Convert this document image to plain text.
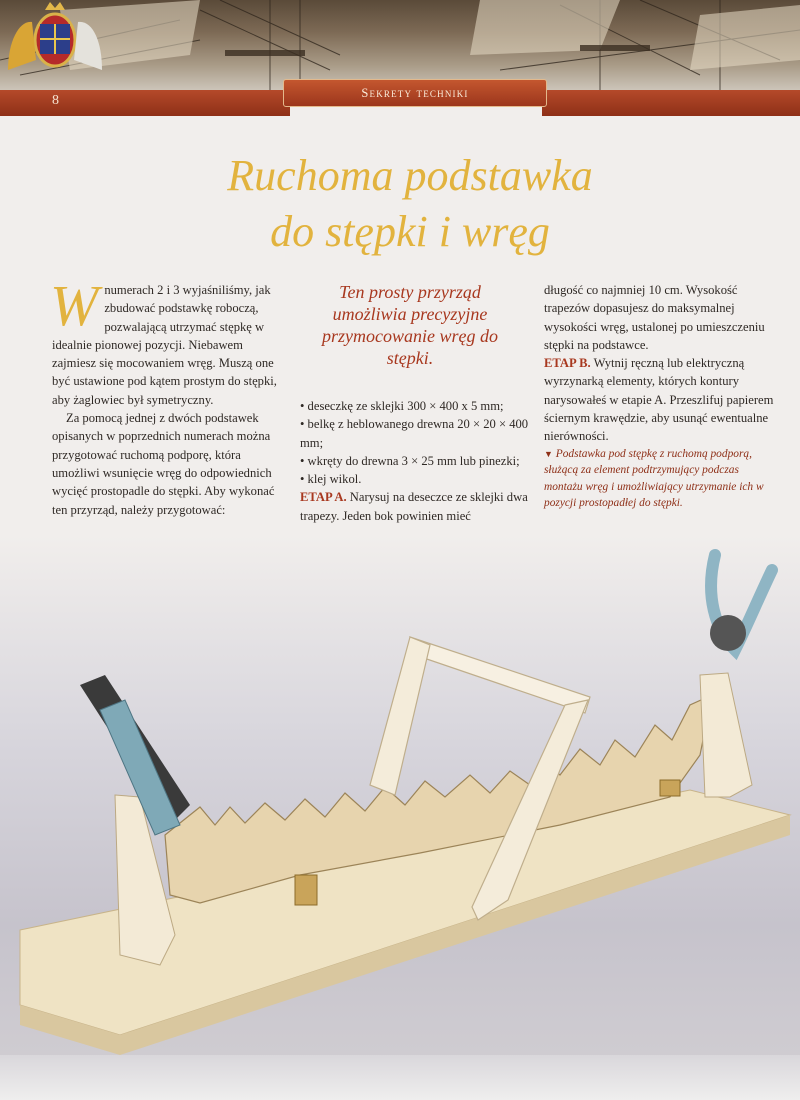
8	Sekrety techniki
Ruchoma podstawka
do stępki i wręg

Wnumerach 2 i 3 wyjaśniliśmy, jak zbudować podstawkę roboczą, pozwalającą utrzymać stępkę w idealnie pionowej pozycji. Niebawem zajmiesz się mocowaniem wręg. Muszą one być ustawione pod kątem prostym do stępki, aby żaglowiec był symetryczny.

Za pomocą jednej z dwóch podstawek opisanych w poprzednich numerach można przygotować ruchomą podporę, która umożliwi wsunięcie wręg do odpowiednich wycięć prostopadle do stępki. Aby wykonać ten przyrząd, należy przygotować:

Ten prosty przyrząd umożliwia precyzyjne przymocowanie wręg do stępki.

• deseczkę ze sklejki 300 × 400 x 5 mm;

• belkę z heblowanego drewna 20 × 20 × 400 mm;

• wkręty do drewna 3 × 25 mm lub pinezki;

• klej wikol.

ETAP A. Narysuj na deseczce ze sklejki dwa trapezy. Jeden bok powinien mieć

długość co najmniej 10 cm. Wysokość trapezów dopasujesz do maksymalnej wysokości wręg, ustalonej po umieszczeniu stępki na podstawce.

ETAP B. Wytnij ręczną lub elektryczną wyrzynarką elementy, których kontury narysowałeś w etapie A. Przeszlifuj papierem ściernym krawędzie, aby usunąć ewentualne nierówności.

▼ Podstawka pod stępkę z ruchomą podporą, służącą za element podtrzymujący podczas montażu wręg i umożliwiający utrzymanie ich w pozycji prostopadłej do stępki.
